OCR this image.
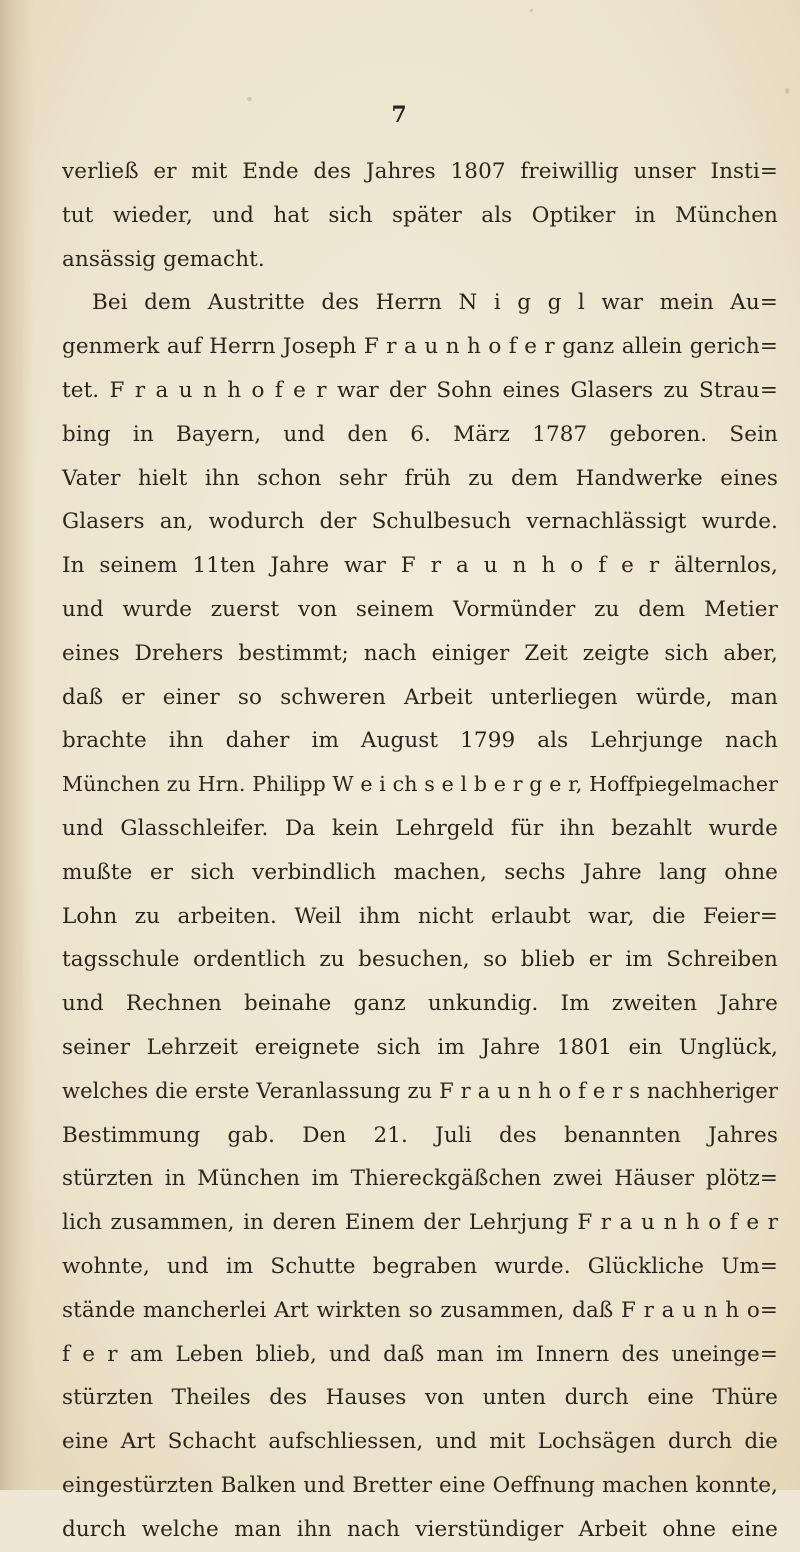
7
verließ er mit Ende des Jahres 1807 freiwillig unser Insti=
tut wieder, und hat sich später als Optiker in München
ansässig gemacht.
Bei dem Austritte des Herrn N i g g l war mein Au=
genmerk auf Herrn Joseph F r a u n h o f e r ganz allein gerich=
tet. F r a u n h o f e r war der Sohn eines Glasers zu Strau=
bing in Bayern, und den 6. März 1787 geboren. Sein
Vater hielt ihn schon sehr früh zu dem Handwerke eines
Glasers an, wodurch der Schulbesuch vernachlässigt wurde.
In seinem 11ten Jahre war F r a u n h o f e r älternlos,
und wurde zuerst von seinem Vormünder zu dem Metier
eines Drehers bestimmt; nach einiger Zeit zeigte sich aber,
daß er einer so schweren Arbeit unterliegen würde, man
brachte ihn daher im August 1799 als Lehrjunge nach
München zu Hrn. Philipp W e i ch s e l b e r g e r, Hoffpiegelmacher
und Glasschleifer. Da kein Lehrgeld für ihn bezahlt wurde
mußte er sich verbindlich machen, sechs Jahre lang ohne
Lohn zu arbeiten. Weil ihm nicht erlaubt war, die Feier=
tagsschule ordentlich zu besuchen, so blieb er im Schreiben
und Rechnen beinahe ganz unkundig. Im zweiten Jahre
seiner Lehrzeit ereignete sich im Jahre 1801 ein Unglück,
welches die erste Veranlassung zu F r a u n h o f e r s nachheriger
Bestimmung gab. Den 21. Juli des benannten Jahres
stürzten in München im Thiereckgäßchen zwei Häuser plötz=
lich zusammen, in deren Einem der Lehrjung F r a u n h o f e r
wohnte, und im Schutte begraben wurde. Glückliche Um=
stände mancherlei Art wirkten so zusammen, daß F r a u n h o=
f e r am Leben blieb, und daß man im Innern des uneinge=
stürzten Theiles des Hauses von unten durch eine Thüre
eine Art Schacht aufschliessen, und mit Lochsägen durch die
eingestürzten Balken und Bretter eine Oeffnung machen konnte,
durch welche man ihn nach vierstündiger Arbeit ohne eine
